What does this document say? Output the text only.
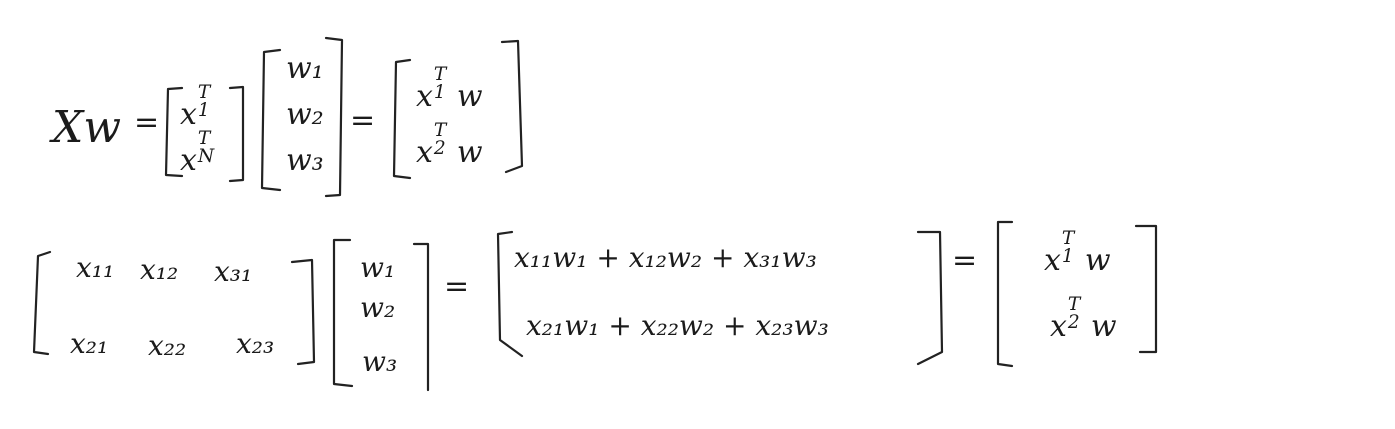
Xw = x
T
1
x
T
N
w₁
w₂
w₃
=
x
T
1 w
x
T
2 w
x₁₁ x₁₂ x₃₁
x₂₁ x₂₂ x₂₃
w₁
w₂
w₃
=
x₁₁w₁ + x₁₂w₂ + x₃₁w₃
x₂₁w₁ + x₂₂w₂ + x₂₃w₃
= x
T
1 w
x
T
2 w
